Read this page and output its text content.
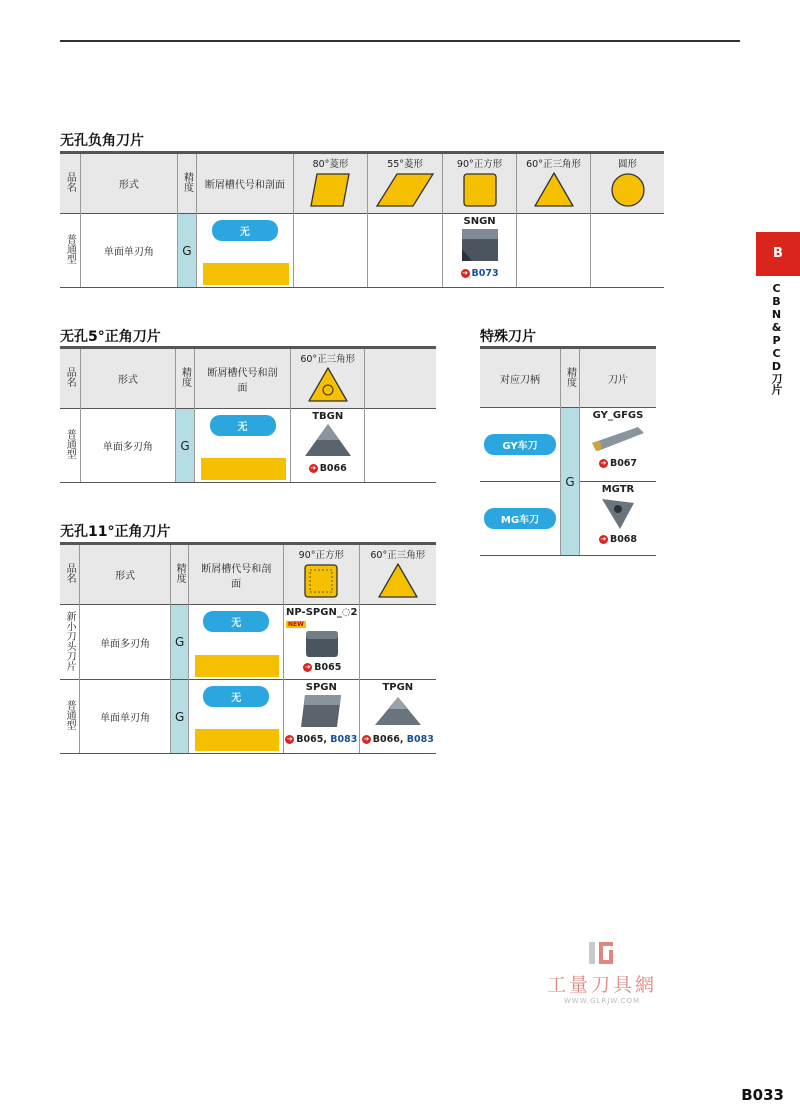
无孔负角刀片
品名	形式	精度	断屑槽代号和剖面	80°菱形	55°菱形	90°正方形	60°正三角形	圆形

普通型	单面单刃角	G	无			SNGN
➔ B073		

无孔5°正角刀片
品名	形式	精度	断屑槽代号和剖面	60°正三角形	

普通型	单面多刃角	G	无	TBGN
➔ B066	

无孔11°正角刀片
品名	形式	精度	断屑槽代号和剖面	90°正方形	60°正三角形

新小刀头刀片	单面多刃角	G	无	NP-SPGN_◌2
NEW
➔ B065	

普通型	单面单刃角	G	无	SPGN
➔ B065, B083	TPGN
➔ B066, B083
特殊刀片
对应刀柄	精度	刀片
GY车刀	G	GY_GFGS
➔ B067

MG车刀		MGTR
➔ B068
B
CBN&PCD刀片
工量刀具網
WWW.GLRJW.COM
B033
